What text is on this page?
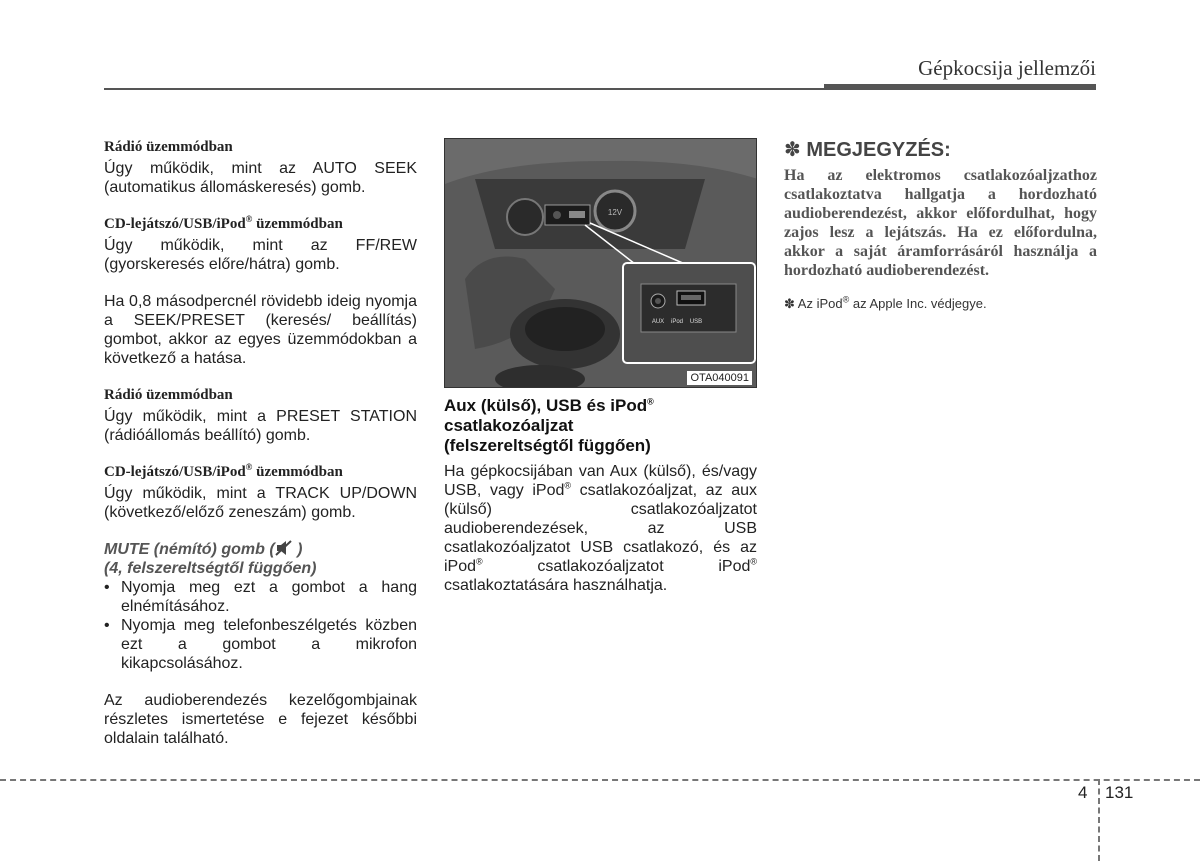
Gépkocsija jellemzői

Rádió üzemmódban

Úgy működik, mint az AUTO SEEK (automatikus állomáskeresés) gomb.

CD-lejátszó/USB/iPod® üzemmódban

Úgy működik, mint az FF/REW (gyorskeresés előre/hátra) gomb.

Ha 0,8 másodpercnél rövidebb ideig nyomja a SEEK/PRESET (keresés/ beállítás) gombot, akkor az egyes üzemmódokban a következő a hatása.

Rádió üzemmódban

Úgy működik, mint a PRESET STATION (rádióállomás beállító) gomb.

CD-lejátszó/USB/iPod® üzemmódban

Úgy működik, mint a TRACK UP/DOWN (következő/előző zeneszám) gomb.

MUTE (némító) gomb ( )

(4, felszereltségtől függően)

• Nyomja meg ezt a gombot a hang elnémításához.
• Nyomja meg telefonbeszélgetés közben ezt a gombot a mikrofon kikapcsolásához.

Az audioberendezés kezelőgombjainak részletes ismertetése e fejezet későbbi oldalain található.

12V
AUX iPod USB
OTA040091
Aux (külső), USB és iPod®
csatlakozóaljzat
(felszereltségtől függően)

Ha gépkocsijában van Aux (külső), és/vagy USB, vagy iPod® csatlakozóaljzat, az aux (külső) csatlakozóaljzatot audioberendezések, az USB csatlakozóaljzatot USB csatlakozó, és az iPod® csatlakozóaljzatot iPod® csatlakoztatására használhatja.

✽ MEGJEGYZÉS:

Ha az elektromos csatlakozóaljzathoz csatlakoztatva hallgatja a hordozható audioberendezést, akkor előfordulhat, hogy zajos lesz a lejátszás. Ha ez előfordulna, akkor a saját áramforrásáról használja a hordozható audioberendezést.

✽ Az iPod® az Apple Inc. védjegye.

4 131
